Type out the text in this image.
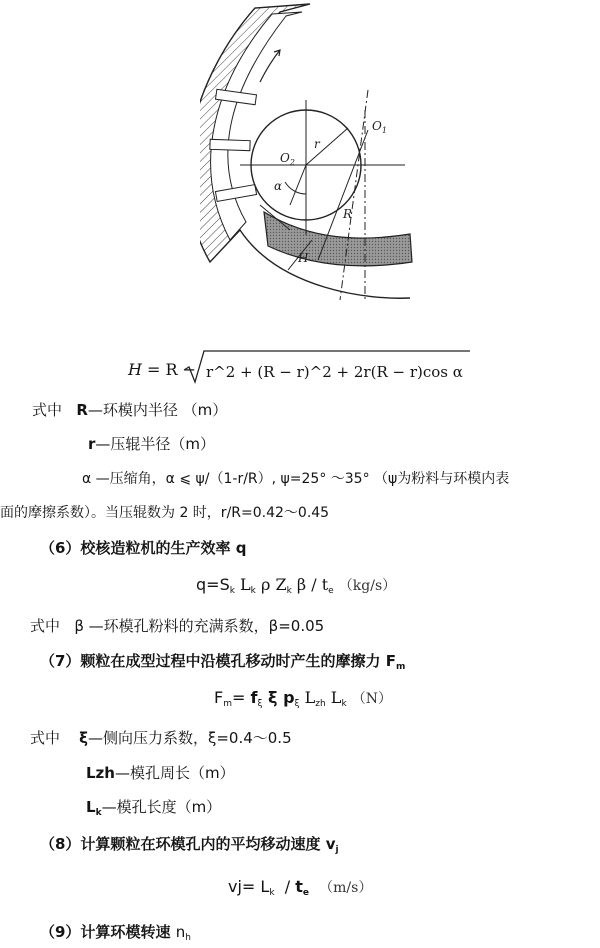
$O_1$
$O_2$
r
R
H
α
H = R − r^2 + (R − r)^2 + 2r(R − r)cos α
式中 R—环模内半径 （m）
r—压辊半径（m）
α —压缩角，α ⩽ ψ/（1-r/R）, ψ=25° ～35° （ψ为粉料与环模内表
面的摩擦系数）。当压辊数为 2 时，r/R=0.42～0.45
（6）校核造粒机的生产效率 q
$q=S_k$ $L_k$ ρ $Z_k$ β / $t_e$ （kg/s）
式中 β —环模孔粉料的充满系数，β=0.05
（7）颗粒在成型过程中沿模孔移动时产生的摩擦力 $F_m$
$F_m= f_\xi$ ξ $p_\xi$ $L_{zh}$ $L_k$ （N）
式中 ξ—侧向压力系数，ξ=0.4～0.5
Lzh—模孔周长（m）
$L_k—$模孔长度（m）
（8）计算颗粒在环模孔内的平均移动速度 $v_j$
$vj= L_k / t_e$ （m/s）
（9）计算环模转速 $n_h$
